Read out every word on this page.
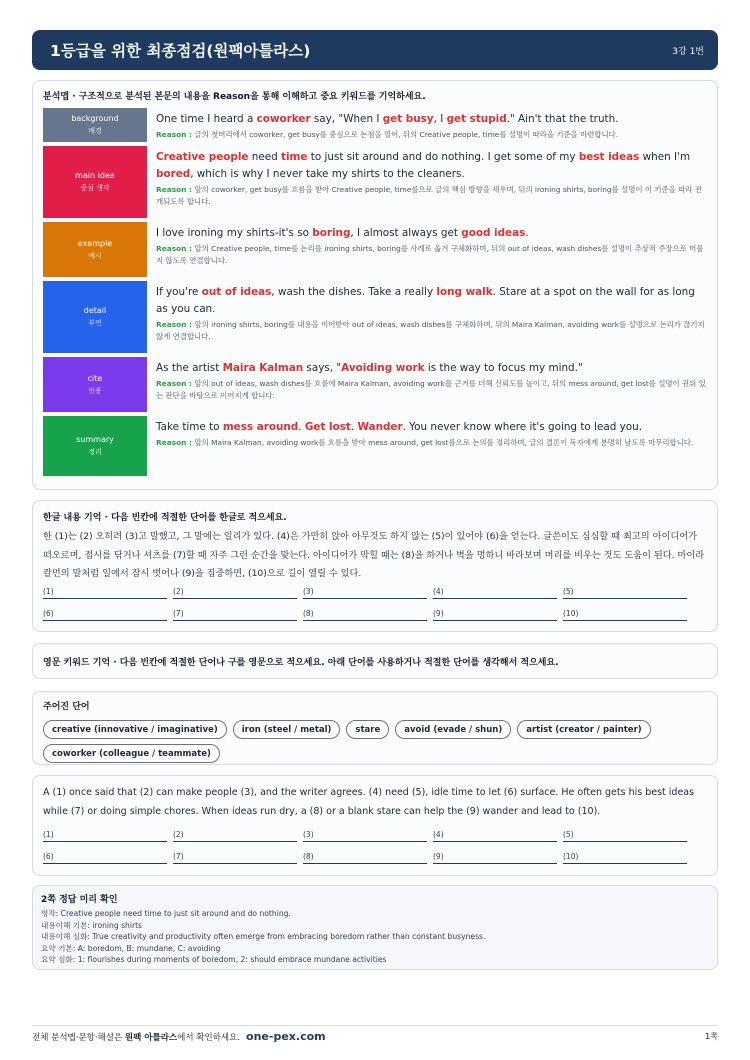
1등급을 위한 최종점검(원팩아틀라스)	3강 1번
분석맵 · 구조적으로 분석된 본문의 내용을 Reason을 통해 이해하고 중요 키워드를 기억하세요.
background
배경
One time I heard a coworker say, "When I get busy, I get stupid." Ain't that the truth.
Reason : 글의 첫머리에서 coworker, get busy를 중심으로 논점을 열어, 뒤의 Creative people, time를 설명이 따라올 기준을 마련합니다.
main idea
중심 생각
Creative people need time to just sit around and do nothing. I get some of my best ideas when I'm bored, which is why I never take my shirts to the cleaners.
Reason : 앞의 coworker, get busy를 흐름을 받아 Creative people, time를으로 글의 핵심 방향을 세우며, 뒤의 ironing shirts, boring를 설명이 이 기준을 따라 전개되도록 합니다.
example
예시
I love ironing my shirts-it's so boring, I almost always get good ideas.
Reason : 앞의 Creative people, time를 논리를 ironing shirts, boring를 사례로 옮겨 구체화하며, 뒤의 out of ideas, wash dishes를 설명이 추상적 주장으로 머물지 않도록 연결합니다.
detail
부연
If you're out of ideas, wash the dishes. Take a really long walk. Stare at a spot on the wall for as long as you can.
Reason : 앞의 ironing shirts, boring를 내용을 이어받아 out of ideas, wash dishes를 구체화하며, 뒤의 Maira Kalman, avoiding work를 설명으로 논리가 끊기지 않게 연결합니다.
cite
인용
As the artist Maira Kalman says, "Avoiding work is the way to focus my mind."
Reason : 앞의 out of ideas, wash dishes를 흐름에 Maira Kalman, avoiding work를 근거를 더해 신뢰도를 높이고, 뒤의 mess around, get lost를 설명이 권위 있는 판단을 바탕으로 이어지게 합니다.
summary
정리
Take time to mess around. Get lost. Wander. You never know where it's going to lead you.
Reason : 앞의 Maira Kalman, avoiding work를 흐름을 받아 mess around, get lost를으로 논의를 정리하며, 글의 결론이 독자에게 분명히 남도록 마무리합니다.
한글 내용 기억 · 다음 빈칸에 적절한 단어를 한글로 적으세요.
한 (1)는 (2) 오히려 (3)고 말했고, 그 말에는 일리가 있다. (4)은 가만히 앉아 아무것도 하지 않는 (5)이 있어야 (6)을 얻는다. 글쓴이도 심심할 때 최고의 아이디어가 떠오르며, 접시를 닦거나 셔츠를 (7)할 때 자주 그런 순간을 맞는다. 아이디어가 막힐 때는 (8)을 하거나 벽을 멍하니 바라보며 머리를 비우는 것도 도움이 된다. 마이라 칼먼의 말처럼 일에서 잠시 벗어나 (9)을 집중하면, (10)으로 길이 열릴 수 있다.
(1)	(2)	(3)	(4)	(5)
(6)	(7)	(8)	(9)	(10)
영문 키워드 기억 · 다음 빈칸에 적절한 단어나 구를 영문으로 적으세요. 아래 단어를 사용하거나 적절한 단어를 생각해서 적으세요.
주어진 단어
creative (innovative / imaginative)	iron (steel / metal)	stare	avoid (evade / shun)	artist (creator / painter)
coworker (colleague / teammate)
A (1) once said that (2) can make people (3), and the writer agrees. (4) need (5), idle time to let (6) surface. He often gets his best ideas while (7) or doing simple chores. When ideas run dry, a (8) or a blank stare can help the (9) wander and lead to (10).
(1)	(2)	(3)	(4)	(5)
(6)	(7)	(8)	(9)	(10)
2쪽 정답 미리 확인
영작: Creative people need time to just sit around and do nothing.
내용이해 기본: ironing shirts
내용이해 심화: True creativity and productivity often emerge from embracing boredom rather than constant busyness.
요약 기본: A: boredom, B: mundane, C: avoiding
요약 심화: 1: flourishes during moments of boredom, 2: should embrace mundane activities
전체 분석맵·문항·해설은 원팩 아틀라스에서 확인하세요. one-pex.com	1쪽
